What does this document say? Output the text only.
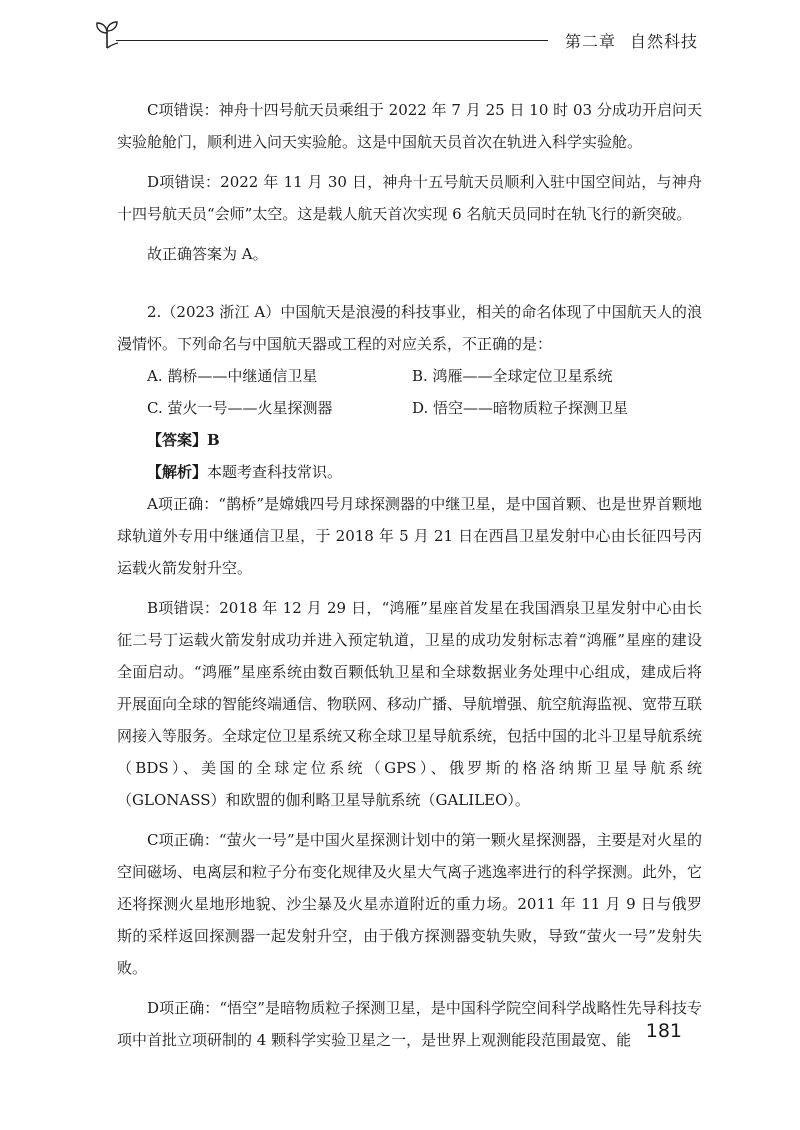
第二章 自然科技

C项错误：神舟十四号航天员乘组于 2022 年 7 月 25 日 10 时 03 分成功开启问天实验舱舱门，顺利进入问天实验舱。这是中国航天员首次在轨进入科学实验舱。

D项错误：2022 年 11 月 30 日，神舟十五号航天员顺利入驻中国空间站，与神舟十四号航天员“会师”太空。这是载人航天首次实现 6 名航天员同时在轨飞行的新突破。

故正确答案为 A。

2.（2023 浙江 A）中国航天是浪漫的科技事业，相关的命名体现了中国航天人的浪漫情怀。下列命名与中国航天器或工程的对应关系，不正确的是：

A. 鹊桥——中继通信卫星	B. 鸿雁——全球定位卫星系统
C. 萤火一号——火星探测器	D. 悟空——暗物质粒子探测卫星

【答案】B

【解析】本题考查科技常识。

A项正确：“鹊桥”是嫦娥四号月球探测器的中继卫星，是中国首颗、也是世界首颗地球轨道外专用中继通信卫星，于 2018 年 5 月 21 日在西昌卫星发射中心由长征四号丙运载火箭发射升空。

B项错误：2018 年 12 月 29 日，“鸿雁”星座首发星在我国酒泉卫星发射中心由长征二号丁运载火箭发射成功并进入预定轨道，卫星的成功发射标志着“鸿雁”星座的建设全面启动。“鸿雁”星座系统由数百颗低轨卫星和全球数据业务处理中心组成，建成后将开展面向全球的智能终端通信、物联网、移动广播、导航增强、航空航海监视、宽带互联网接入等服务。全球定位卫星系统又称全球卫星导航系统，包括中国的北斗卫星导航系统（BDS）、美国的全球定位系统（GPS）、俄罗斯的格洛纳斯卫星导航系统（GLONASS）和欧盟的伽利略卫星导航系统（GALILEO）。

C项正确：“萤火一号”是中国火星探测计划中的第一颗火星探测器，主要是对火星的空间磁场、电离层和粒子分布变化规律及火星大气离子逃逸率进行的科学探测。此外，它还将探测火星地形地貌、沙尘暴及火星赤道附近的重力场。2011 年 11 月 9 日与俄罗斯的采样返回探测器一起发射升空，由于俄方探测器变轨失败，导致“萤火一号”发射失败。

D项正确：“悟空”是暗物质粒子探测卫星，是中国科学院空间科学战略性先导科技专项中首批立项研制的 4 颗科学实验卫星之一，是世界上观测能段范围最宽、能 181
